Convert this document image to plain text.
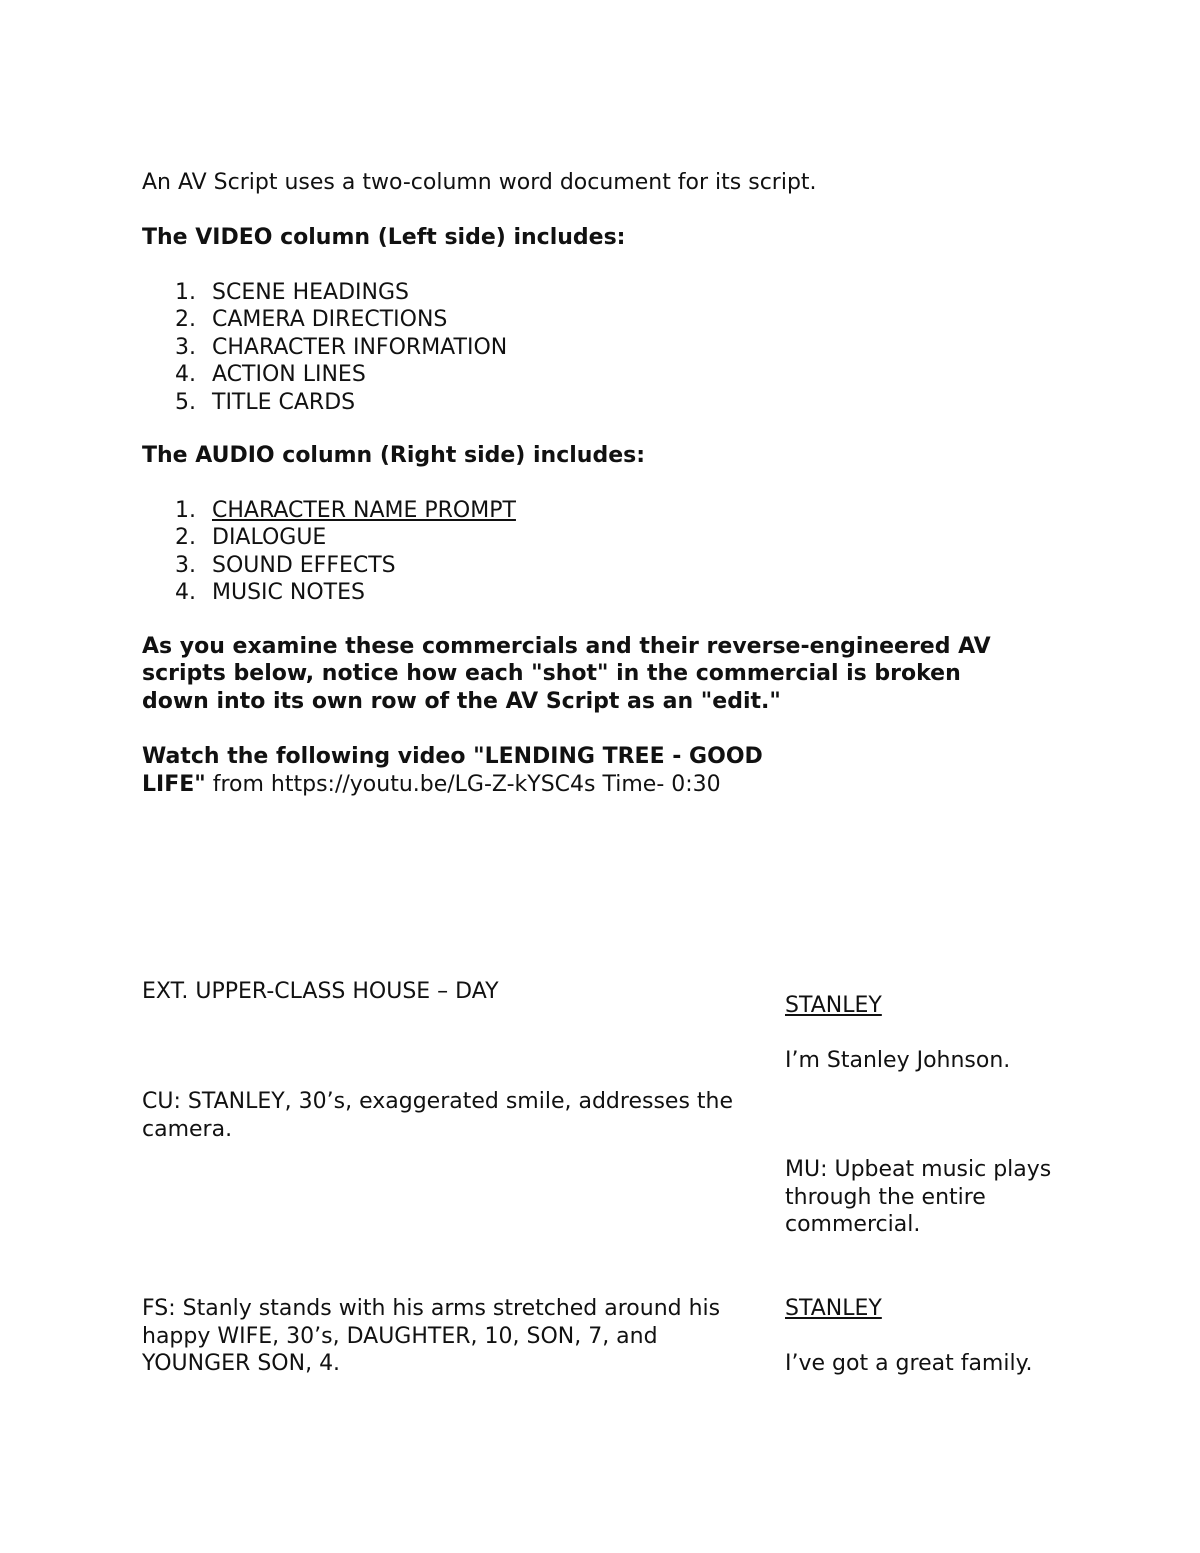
An AV Script uses a two-column word document for its script.

The VIDEO column (Left side) includes:

1. SCENE HEADINGS
2. CAMERA DIRECTIONS
3. CHARACTER INFORMATION
4. ACTION LINES
5. TITLE CARDS

The AUDIO column (Right side) includes:

1. CHARACTER NAME PROMPT
2. DIALOGUE
3. SOUND EFFECTS
4. MUSIC NOTES

As you examine these commercials and their reverse-engineered AV

scripts below, notice how each "shot" in the commercial is broken

down into its own row of the AV Script as an "edit."

Watch the following video "LENDING TREE - GOOD

LIFE" from https://youtu.be/LG-Z-kYSC4s Time- 0:30

EXT. UPPER-CLASS HOUSE – DAY

STANLEY

I’m Stanley Johnson.

CU: STANLEY, 30’s, exaggerated smile, addresses the

camera.

MU: Upbeat music plays

through the entire

commercial.

FS: Stanly stands with his arms stretched around his

happy WIFE, 30’s, DAUGHTER, 10, SON, 7, and

YOUNGER SON, 4.

STANLEY

I’ve got a great family.
